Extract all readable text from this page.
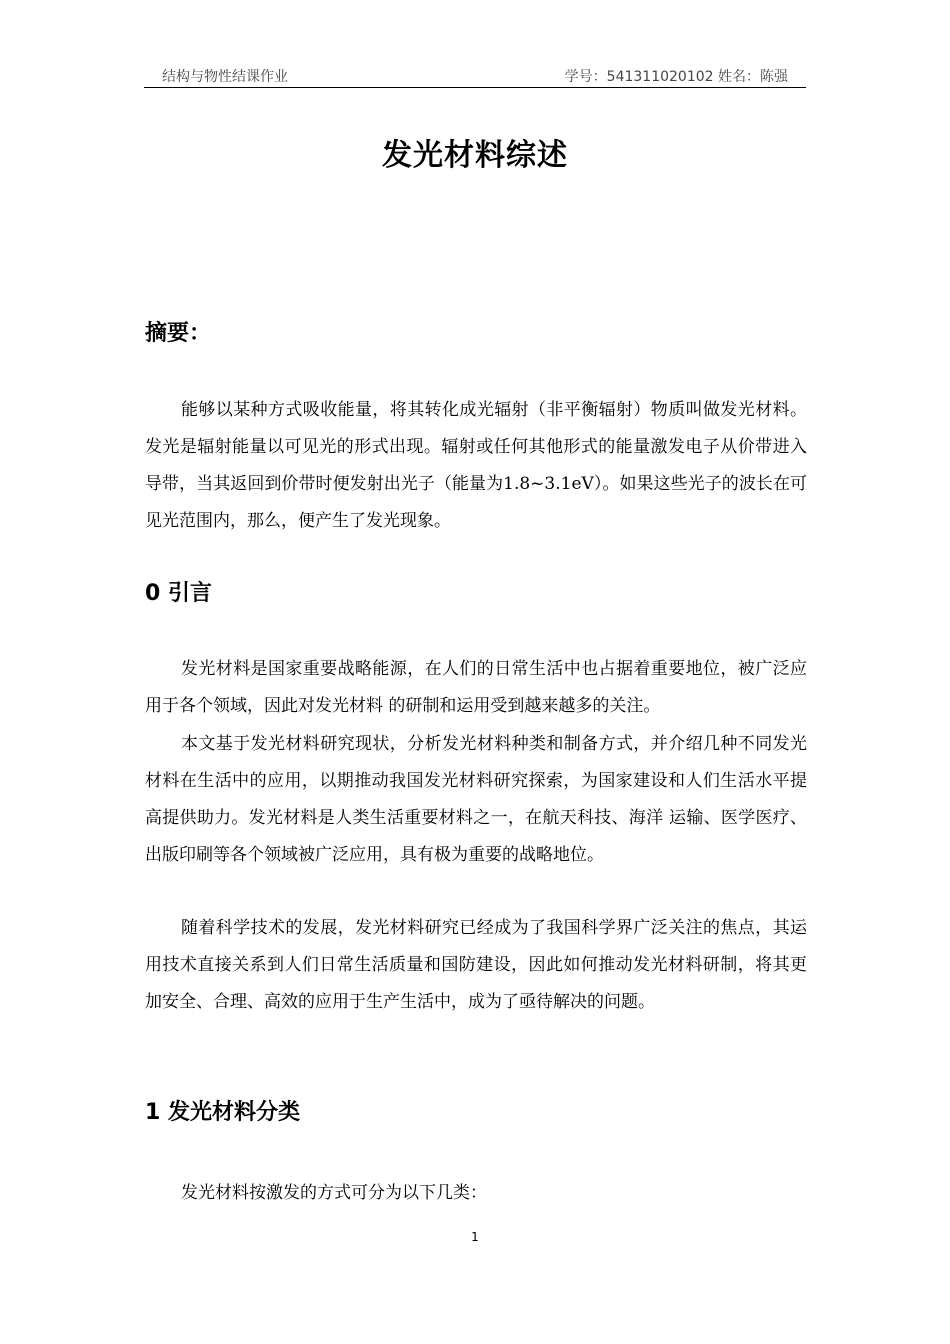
结构与物性结课作业	学号：541311020102 姓名：陈强
发光材料综述
摘要：

能够以某种方式吸收能量，将其转化成光辐射（非平衡辐射）物质叫做发光材料。发光是辐射能量以可见光的形式出现。辐射或任何其他形式的能量激发电子从价带进入导带，当其返回到价带时便发射出光子（能量为1.8~3.1eV）。如果这些光子的波长在可见光范围内，那么，便产生了发光现象。

0 引言

发光材料是国家重要战略能源，在人们的日常生活中也占据着重要地位，被广泛应用于各个领域，因此对发光材料 的研制和运用受到越来越多的关注。

本文基于发光材料研究现状，分析发光材料种类和制备方式，并介绍几种不同发光材料在生活中的应用，以期推动我国发光材料研究探索，为国家建设和人们生活水平提高提供助力。发光材料是人类生活重要材料之一，在航天科技、海洋 运输、医学医疗、出版印刷等各个领域被广泛应用，具有极为重要的战略地位。

随着科学技术的发展，发光材料研究已经成为了我国科学界广泛关注的焦点，其运用技术直接关系到人们日常生活质量和国防建设，因此如何推动发光材料研制，将其更加安全、合理、高效的应用于生产生活中，成为了亟待解决的问题。

1 发光材料分类

发光材料按激发的方式可分为以下几类：

1
